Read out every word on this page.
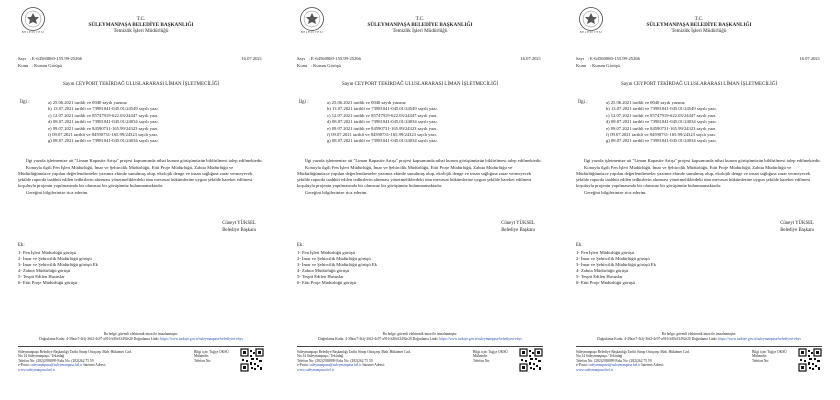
B E L E D İ Y E S İ
T.C.
SÜLEYMANPAŞA BELEDİYE BAŞKANLIĞI
Temizlik İşleri Müdürlüğü
Sayı   : E-64560060-155.99-25266	16.07.2021
Konu   : Kurum Görüşü
Sayın CEYPORT TEKİRDAĞ ULUSLARARASI LİMAN İŞLETMECİLİĞİ
İlgi :	a) 25.06.2021 tarihli ve 0040 sayılı yazınız
b) 13.07.2021 tarihli ve 73981041-045.01/24549 sayılı yazı.
c) 12.07.2021 tarihli ve 85747919-622.03/24447 sayılı yazı.
d) 08.07.2021 tarihli ve 73981041-045.01/24034 sayılı yazı.
e) 09.07.2021 tarihli ve 84590731-165.99/24323 sayılı yazı.
f) 09.07.2021 tarihli ve 84590731-165.99/24323 sayılı yazı.
g) 08.07.2021 tarihli ve 73981041-045.01/24034 sayılı yazı.

İlgi yazıda işletmenize ait "Liman Kapasite Artışı" projesi kapsamında nihai kurum görüşümüzün bildirilmesi talep edilmektedir.

Konuyla ilgili Fen İşleri Müdürlüğü, İmar ve Şehircilik Müdürlüğü, Etüt Proje Müdürlüğü, Zabıta Müdürlüğü ve Müdürlüğümüzce yapılan değerlendirmeler yazımız ekinde sunulmuş olup, ekolojik denge ve insan sağlığına zarar vermeyecek şekilde raporda taahhüt edilen tedbirlerin alınması yönetmeliklerdeki tüm mevzuat hükümlerine uygun şekilde hareket edilmesi koşuluyla projenin yapılmasında bir olumsuz bir görüşümüz bulunmamaktadır.

Gereğini bilgilerinize rica ederim.

Cüneyt YÜKSEL
Belediye Başkanı
Ek:
1- Fen İşleri Müdürlüğü görüşü
2- İmar ve Şehircilik Müdürlüğü görüşü
3- İmar ve Şehircilik Müdürlüğü görüşü Ek
4- Zabıta Müdürlüğü görüşü
5- Tespit Edilen Hususlar
6- Etüt Proje Müdürlüğü görüşü
Bu belge, güvenli elektronik imza ile imzalanmıştır.
Doğrulama Kodu: 4-39aac7-fb1j-36f2-4c97-a916-b30e33492e20 Doğrulama Linki: https://www.turkiye.gov.tr/suleymanpasa-belediyesi-ebys
Süleymanpaşa Belediye Başkanlığı Tarihi Sinop Ortaçarşı Mah. Hükümet Cad.
No:14 Süleymanpaşa / Tekirdağ
Telefon No: (282)2938899 Faks No: (282)262 75 59
e-Posta: suleymanpasa@suleymanpasa.bel.tr İnternet Adresi:
www.suleymanpasa.bel.tr
Bilgi için: Tuğçe OKSÜ
Mühendis
Telefon No:
B E L E D İ Y E S İ
T.C.
SÜLEYMANPAŞA BELEDİYE BAŞKANLIĞI
Temizlik İşleri Müdürlüğü
Sayı   : E-64560060-155.99-25266	16.07.2021
Konu   : Kurum Görüşü
Sayın CEYPORT TEKİRDAĞ ULUSLARARASI LİMAN İŞLETMECİLİĞİ
İlgi :	a) 25.06.2021 tarihli ve 0040 sayılı yazınız
b) 13.07.2021 tarihli ve 73981041-045.01/24549 sayılı yazı.
c) 12.07.2021 tarihli ve 85747919-622.03/24447 sayılı yazı.
d) 08.07.2021 tarihli ve 73981041-045.01/24034 sayılı yazı.
e) 09.07.2021 tarihli ve 84590731-165.99/24323 sayılı yazı.
f) 09.07.2021 tarihli ve 84590731-165.99/24323 sayılı yazı.
g) 08.07.2021 tarihli ve 73981041-045.01/24034 sayılı yazı.

İlgi yazıda işletmenize ait "Liman Kapasite Artışı" projesi kapsamında nihai kurum görüşümüzün bildirilmesi talep edilmektedir.

Konuyla ilgili Fen İşleri Müdürlüğü, İmar ve Şehircilik Müdürlüğü, Etüt Proje Müdürlüğü, Zabıta Müdürlüğü ve Müdürlüğümüzce yapılan değerlendirmeler yazımız ekinde sunulmuş olup, ekolojik denge ve insan sağlığına zarar vermeyecek şekilde raporda taahhüt edilen tedbirlerin alınması yönetmeliklerdeki tüm mevzuat hükümlerine uygun şekilde hareket edilmesi koşuluyla projenin yapılmasında bir olumsuz bir görüşümüz bulunmamaktadır.

Gereğini bilgilerinize rica ederim.

Cüneyt YÜKSEL
Belediye Başkanı
Ek:
1- Fen İşleri Müdürlüğü görüşü
2- İmar ve Şehircilik Müdürlüğü görüşü
3- İmar ve Şehircilik Müdürlüğü görüşü Ek
4- Zabıta Müdürlüğü görüşü
5- Tespit Edilen Hususlar
6- Etüt Proje Müdürlüğü görüşü
Bu belge, güvenli elektronik imza ile imzalanmıştır.
Doğrulama Kodu: 4-39aac7-fb1j-36f2-4c97-a916-b30e33492e20 Doğrulama Linki: https://www.turkiye.gov.tr/suleymanpasa-belediyesi-ebys
Süleymanpaşa Belediye Başkanlığı Tarihi Sinop Ortaçarşı Mah. Hükümet Cad.
No:14 Süleymanpaşa / Tekirdağ
Telefon No: (282)2938899 Faks No: (282)262 75 59
e-Posta: suleymanpasa@suleymanpasa.bel.tr İnternet Adresi:
www.suleymanpasa.bel.tr
Bilgi için: Tuğçe OKSÜ
Mühendis
Telefon No:
B E L E D İ Y E S İ
T.C.
SÜLEYMANPAŞA BELEDİYE BAŞKANLIĞI
Temizlik İşleri Müdürlüğü
Sayı   : E-64560060-155.99-25266	16.07.2021
Konu   : Kurum Görüşü
Sayın CEYPORT TEKİRDAĞ ULUSLARARASI LİMAN İŞLETMECİLİĞİ
İlgi :	a) 25.06.2021 tarihli ve 0040 sayılı yazınız
b) 13.07.2021 tarihli ve 73981041-045.01/24549 sayılı yazı.
c) 12.07.2021 tarihli ve 85747919-622.03/24447 sayılı yazı.
d) 08.07.2021 tarihli ve 73981041-045.01/24034 sayılı yazı.
e) 09.07.2021 tarihli ve 84590731-165.99/24323 sayılı yazı.
f) 09.07.2021 tarihli ve 84590731-165.99/24323 sayılı yazı.
g) 08.07.2021 tarihli ve 73981041-045.01/24034 sayılı yazı.

İlgi yazıda işletmenize ait "Liman Kapasite Artışı" projesi kapsamında nihai kurum görüşümüzün bildirilmesi talep edilmektedir.

Konuyla ilgili Fen İşleri Müdürlüğü, İmar ve Şehircilik Müdürlüğü, Etüt Proje Müdürlüğü, Zabıta Müdürlüğü ve Müdürlüğümüzce yapılan değerlendirmeler yazımız ekinde sunulmuş olup, ekolojik denge ve insan sağlığına zarar vermeyecek şekilde raporda taahhüt edilen tedbirlerin alınması yönetmeliklerdeki tüm mevzuat hükümlerine uygun şekilde hareket edilmesi koşuluyla projenin yapılmasında bir olumsuz bir görüşümüz bulunmamaktadır.

Gereğini bilgilerinize rica ederim.

Cüneyt YÜKSEL
Belediye Başkanı
Ek:
1- Fen İşleri Müdürlüğü görüşü
2- İmar ve Şehircilik Müdürlüğü görüşü
3- İmar ve Şehircilik Müdürlüğü görüşü Ek
4- Zabıta Müdürlüğü görüşü
5- Tespit Edilen Hususlar
6- Etüt Proje Müdürlüğü görüşü
Bu belge, güvenli elektronik imza ile imzalanmıştır.
Doğrulama Kodu: 4-39aac7-fb1j-36f2-4c97-a916-b30e33492e20 Doğrulama Linki: https://www.turkiye.gov.tr/suleymanpasa-belediyesi-ebys
Süleymanpaşa Belediye Başkanlığı Tarihi Sinop Ortaçarşı Mah. Hükümet Cad.
No:14 Süleymanpaşa / Tekirdağ
Telefon No: (282)2938899 Faks No: (282)262 75 59
e-Posta: suleymanpasa@suleymanpasa.bel.tr İnternet Adresi:
www.suleymanpasa.bel.tr
Bilgi için: Tuğçe OKSÜ
Mühendis
Telefon No:
